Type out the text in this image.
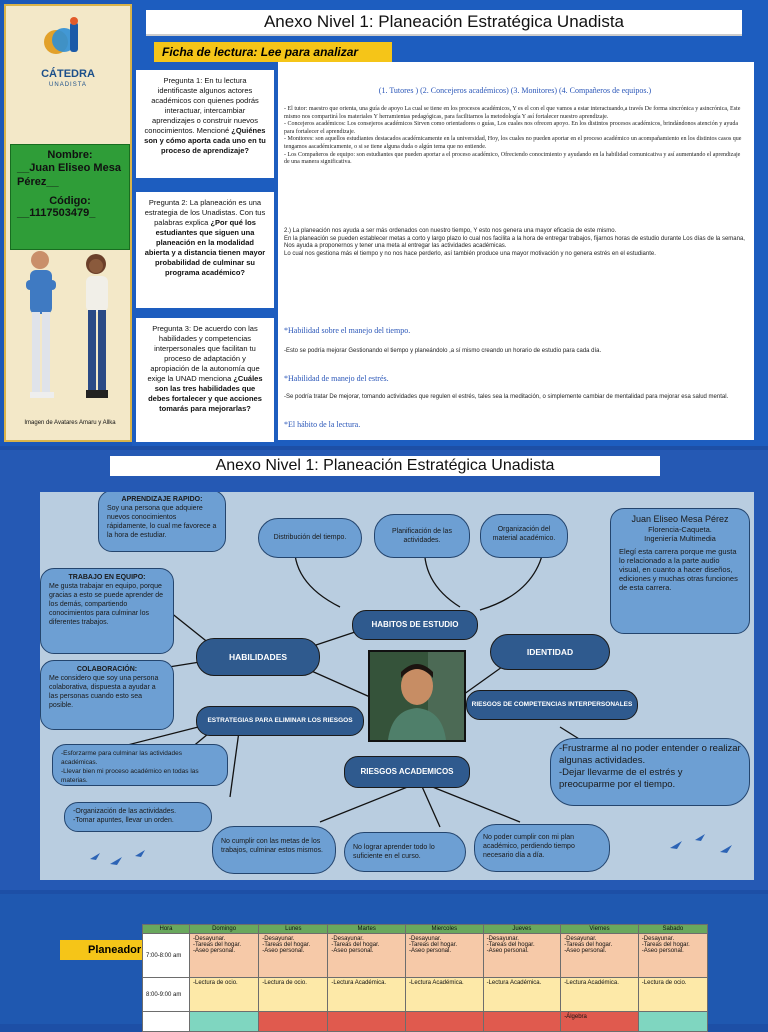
CÁTEDRA
UNADISTA
Nombre:
__Juan Eliseo Mesa Pérez__
Código:
__1117503479_
Imagen de Avatares Amaru y Allka
Anexo Nivel 1: Planeación Estratégica Unadista
Ficha de lectura: Lee para analizar
Pregunta 1: En tu lectura identificaste algunos actores académicos con quienes podrás interactuar, intercambiar aprendizajes o construir nuevos conocimientos. Mencioné ¿Quiénes son y cómo aporta cada uno en tu proceso de aprendizaje?
Pregunta 2: La planeación es una estrategia de los Unadistas. Con tus palabras explica ¿Por qué los estudiantes que siguen una planeación en la modalidad abierta y a distancia tienen mayor probabilidad de culminar su programa académico?
Pregunta 3: De acuerdo con las habilidades y competencias interpersonales que facilitan tu proceso de adaptación y apropiación de la autonomía que exige la UNAD menciona ¿Cuáles son las tres habilidades que debes fortalecer y que acciones tomarás para mejorarlas?
(1. Tutores ) (2. Concejeros académicos) (3. Monitores) (4. Compañeros de equipos.)
- El tutor: maestro que orienta, una guía de apoyo La cual se tiene en los procesos académicos, Y es el con el que vamos a estar interactuando,a través De forma sincrónica y asincrónica, Este mismo nos compartirá los materiales Y herramientas pedagógicas, para facilitarnos la metodología Y así fortalecer nuestro aprendizaje.
- Concejeros académicos: Los consejeros académicos Sirven como orientadores o guías, Los cuales nos ofrecen apoyo. En los distintos procesos académicos, brindándonos atención y ayuda para fortalecer el aprendizaje.
- Monitores: son aquellos estudiantes destacados académicamente en la universidad, Hoy, los cuales no pueden aportar en el proceso académico un acompañamiento en los distintos casos que tengamos aacadémicamente, o si se tiene alguna duda o algún tema que no entiende.
- Los Compañeros de equipo: son estudiantes que pueden aportar a el proceso académico, Ofreciendo conocimiento y ayudando en la habilidad comunicativa y así aumentando el aprendizaje de una manera significativa.
2.) La planeación nos ayuda a ser más ordenados con nuestro tiempo, Y esto nos genera una mayor eficacia de este mismo.
En la planeación se pueden establecer metas a corto y largo plazo lo cual nos facilita a la hora de entregar trabajos, fijarnos horas de estudio durante Los días de la semana, Nos ayuda a proponernos y tener una meta al entregar las actividades académicas.
Lo cual nos gestiona más el tiempo y no nos hace perderlo, así también produce una mayor motivación y no genera estrés en el estudiante.
*Habilidad sobre el manejo del tiempo.
-Esto se podría mejorar Gestionando el tiempo y planeándolo ,a sí mismo creando un horario de estudio para cada día.
*Habilidad de manejo del estrés.
-Se podría tratar De mejorar, tomando actividades que regulen el estrés, tales sea la meditación, o simplemente cambiar de mentalidad para mejorar esa salud mental.
*El hábito de la lectura.
Anexo Nivel 1: Planeación Estratégica Unadista
APRENDIZAJE RAPIDO:
Soy una persona que adquiere nuevos conocimientos rápidamente, lo cual me favorece a la hora de estudiar.
TRABAJO EN EQUIPO:
Me gusta trabajar en equipo, porque gracias a esto se puede aprender de los demás, compartiendo conocimientos para culminar los diferentes trabajos.
COLABORACIÓN:
Me considero que soy una persona colaborativa, dispuesta a ayudar a las personas cuando esto sea posible.
Distribución del tiempo.
Planificación de las actividades.
Organización del material académico.
Juan Eliseo Mesa Pérez
Florencia-Caqueta.
Ingeniería Multimedia
Elegí esta carrera porque me gusta lo relacionado a la parte audio visual, en cuanto a hacer diseños, ediciones y muchas otras funciones de esta carrera.
HABITOS DE ESTUDIO
HABILIDADES	IDENTIDAD
ESTRATEGIAS PARA ELIMINAR LOS RIESGOS
RIESGOS DE COMPETENCIAS INTERPERSONALES
RIESGOS ACADEMICOS
-Esforzarme para culminar las actividades académicas.
-Llevar bien mi proceso académico en todas las materias.
-Organización de las actividades.
-Tomar apuntes, llevar un orden.
-Frustrarme al no poder entender o realizar algunas actividades.
-Dejar llevarme de el estrés y preocuparme por el tiempo.
No cumplir con las metas de los trabajos, culminar estos mismos.	No lograr aprender todo lo suficiente en el curso.
No poder cumplir con mi plan académico, perdiendo tiempo necesario día a día.
Planeador
Hora	Domingo	Lunes	Martes	Miercoles	Jueves	Viernes	Sabado
7:00-8:00 am	-Desayunar.
-Tareas del hogar.
-Aseo personal.	-Desayunar.
-Tareas del hogar.
-Aseo personal.	-Desayunar.
-Tareas del hogar.
-Aseo personal.	-Desayunar.
-Tareas del hogar.
-Aseo personal.	-Desayunar.
-Tareas del hogar.
-Aseo personal.	-Desayunar.
-Tareas del hogar.
-Aseo personal.	-Desayunar.
-Tareas del hogar.
-Aseo personal.
8:00-9:00 am	-Lectura de ocio.	-Lectura de ocio.	-Lectura Académica.	-Lectura Académica.	-Lectura Académica.	-Lectura Académica.	-Lectura de ocio.
						-Álgebra	
